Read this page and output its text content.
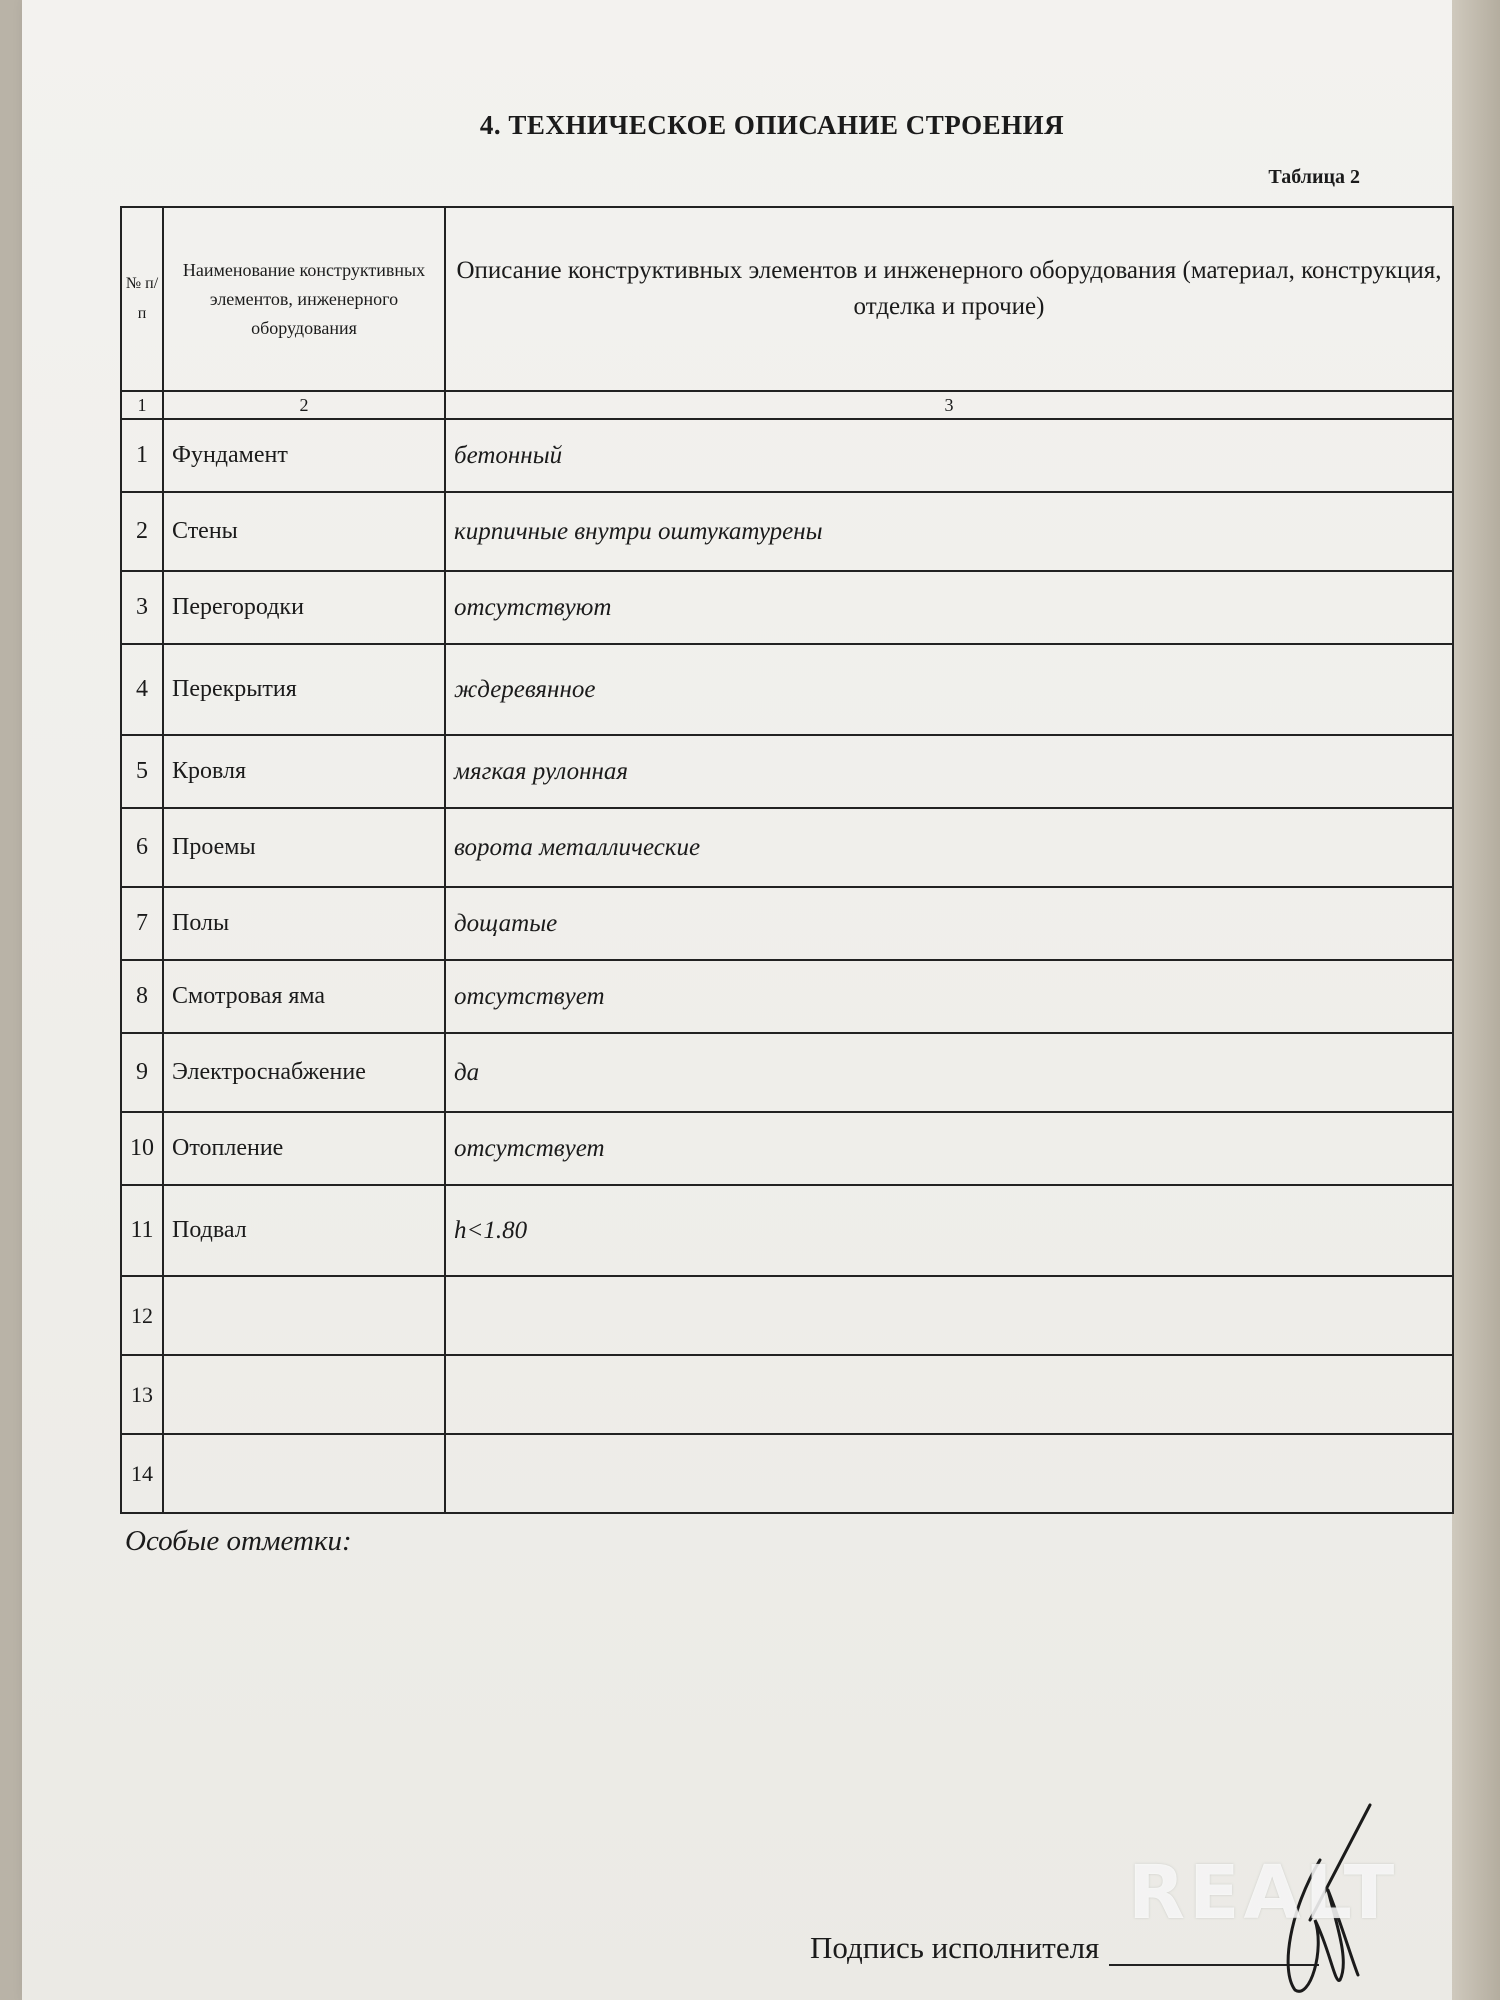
4. ТЕХНИЧЕСКОЕ ОПИСАНИЕ СТРОЕНИЯ
Таблица 2
№ п/ п	Наименование конструктивных элементов, инженерного оборудования	Описание конструктивных элементов и инженерного оборудования (материал, конструкция, отделка и прочие)
1	2	3
1	Фундамент	бетонный
2	Стены	кирпичные внутри оштукатурены
3	Перегородки	отсутствуют
4	Перекрытия	ждеревянное
5	Кровля	мягкая рулонная
6	Проемы	ворота металлические
7	Полы	дощатые
8	Смотровая яма	отсутствует
9	Электроснабжение	да
10	Отопление	отсутствует
11	Подвал	h<1.80
12		
13		
14		
Особые отметки:
Подпись исполнителя
REALT
